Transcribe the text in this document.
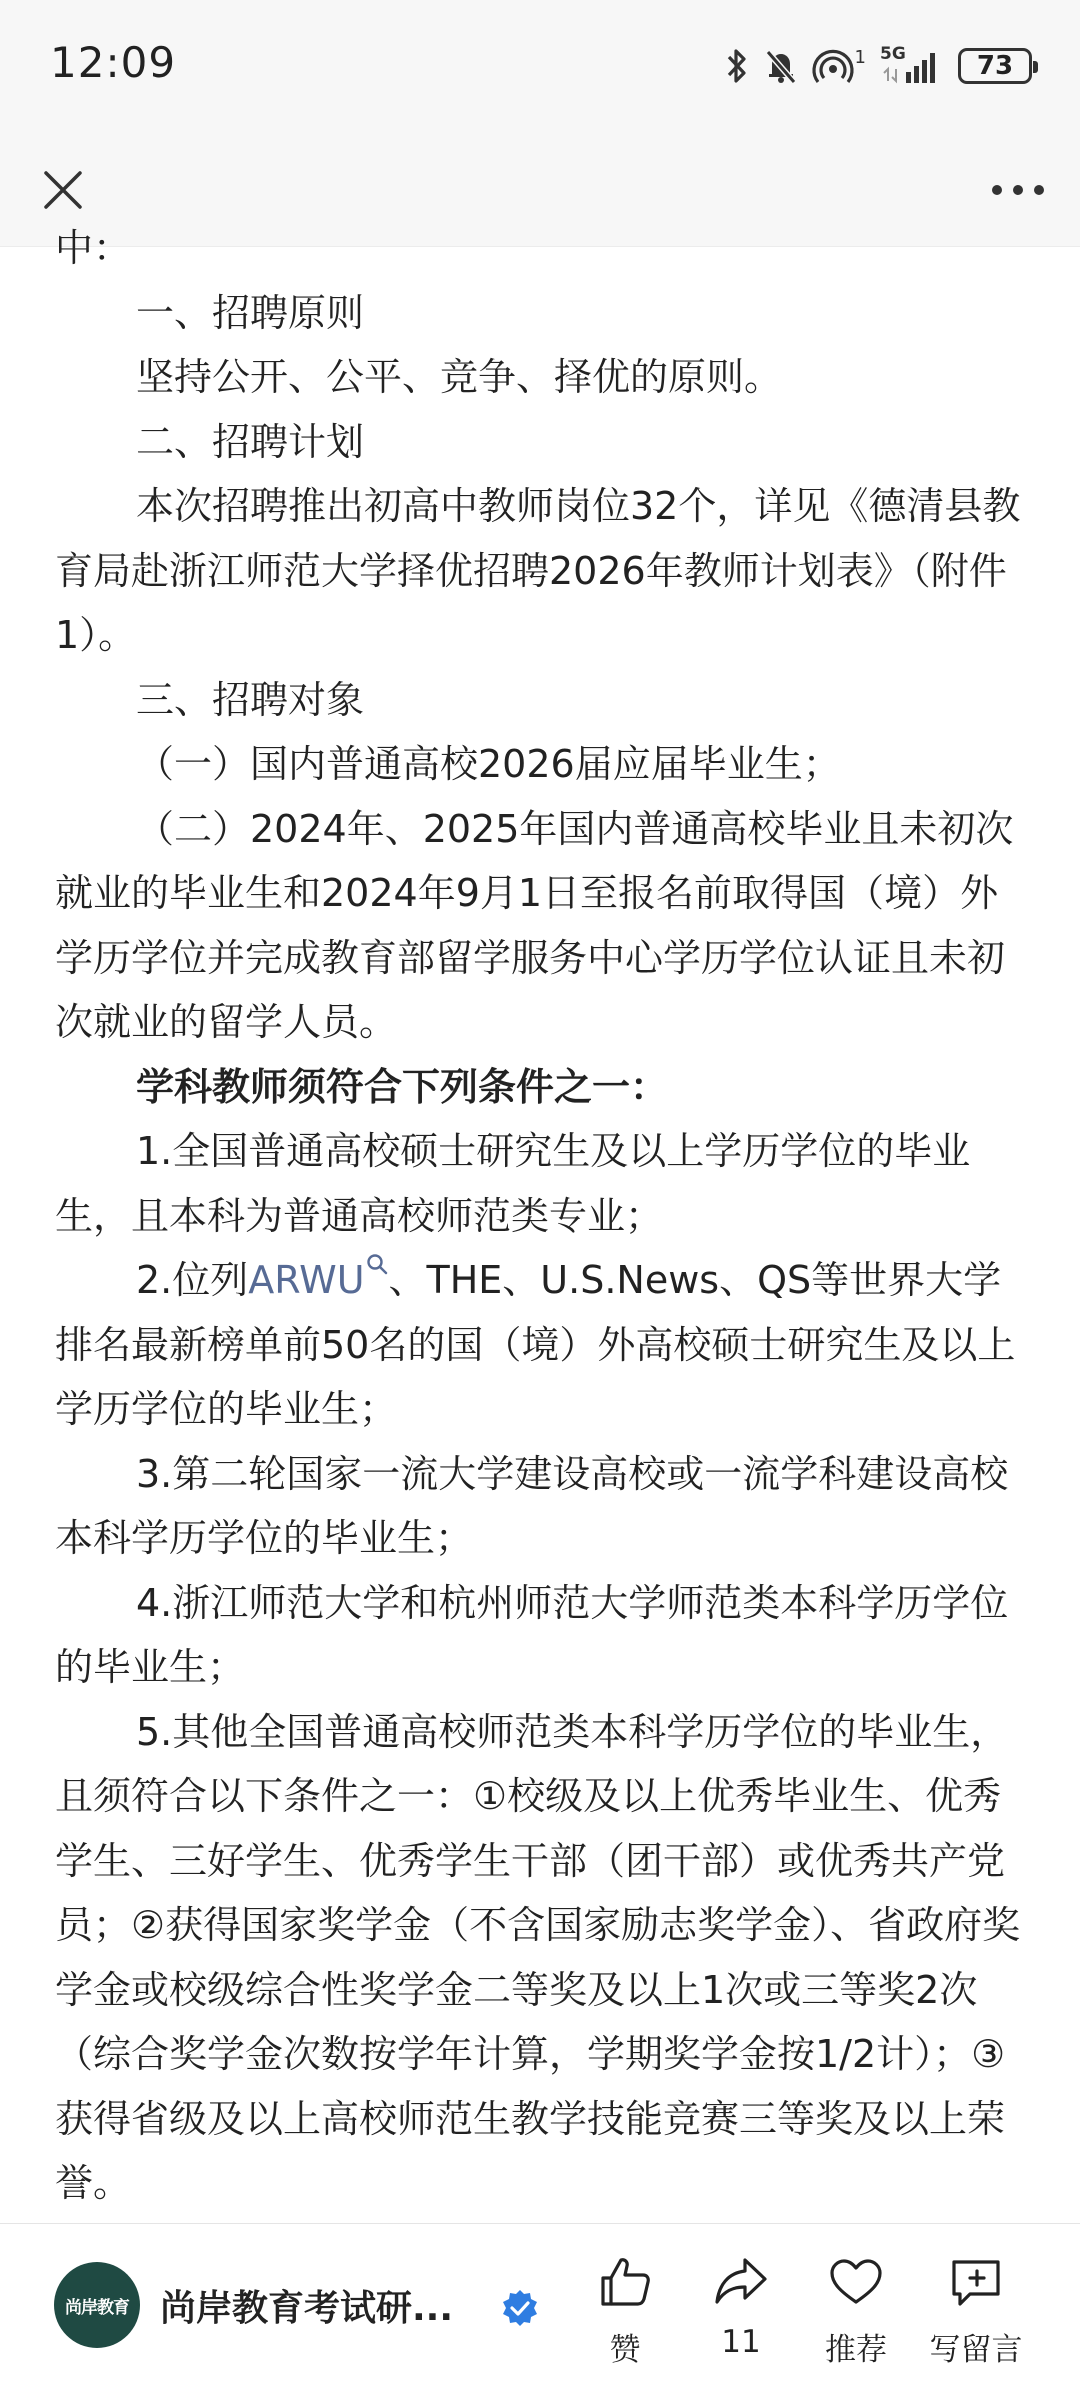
12:09	1 5G	73

中：

一、招聘原则

坚持公开、公平、竞争、择优的原则。

二、招聘计划

本次招聘推出初高中教师岗位32个，详见《德清县教育局赴浙江师范大学择优招聘2026年教师计划表》（附件1）。

三、招聘对象

（一）国内普通高校2026届应届毕业生；

（二）2024年、2025年国内普通高校毕业且未初次就业的毕业生和2024年9月1日至报名前取得国（境）外学历学位并完成教育部留学服务中心学历学位认证且未初次就业的留学人员。

学科教师须符合下列条件之一：

1.全国普通高校硕士研究生及以上学历学位的毕业生，且本科为普通高校师范类专业；

2.位列ARWU 、THE、U.S.News、QS等世界大学排名最新榜单前50名的国（境）外高校硕士研究生及以上学历学位的毕业生；

3.第二轮国家一流大学建设高校或一流学科建设高校本科学历学位的毕业生；

4.浙江师范大学和杭州师范大学师范类本科学历学位的毕业生；

5.其他全国普通高校师范类本科学历学位的毕业生，且须符合以下条件之一：①校级及以上优秀毕业生、优秀学生、三好学生、优秀学生干部（团干部）或优秀共产党员；②获得国家奖学金（不含国家励志奖学金）、省政府奖学金或校级综合性奖学金二等奖及以上1次或三等奖2次（综合奖学金次数按学年计算，学期奖学金按1/2计）；③获得省级及以上高校师范生教学技能竞赛三等奖及以上荣誉。

尚岸教育 尚岸教育考试研...
赞	11	推荐	写留言
